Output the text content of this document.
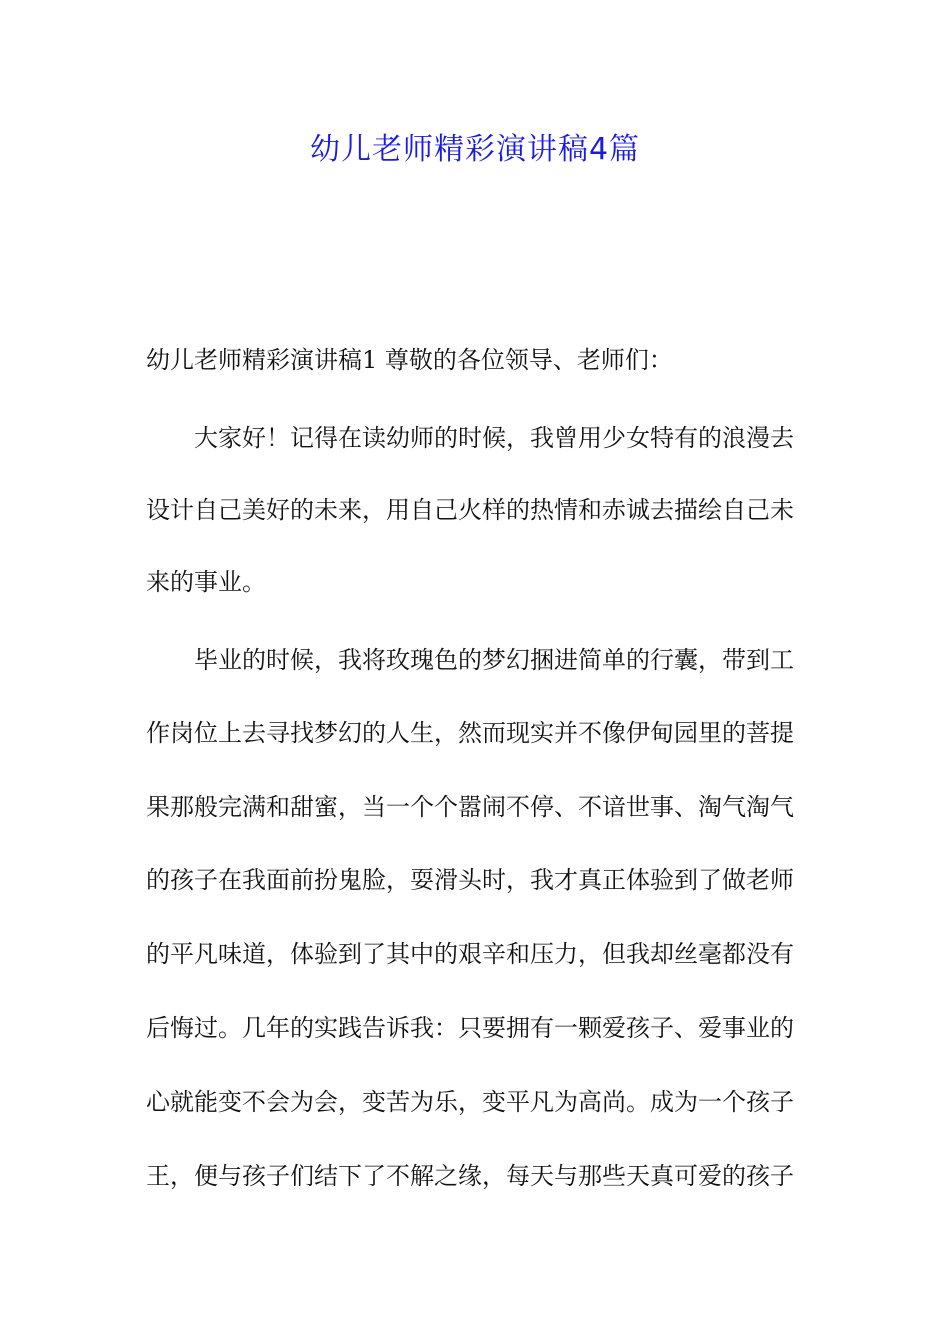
幼儿老师精彩演讲稿4篇
幼儿老师精彩演讲稿1 尊敬的各位领导、老师们：
大家好！记得在读幼师的时候，我曾用少女特有的浪漫去
设计自己美好的未来，用自己火样的热情和赤诚去描绘自己未
来的事业。
毕业的时候，我将玫瑰色的梦幻捆进简单的行囊，带到工
作岗位上去寻找梦幻的人生，然而现实并不像伊甸园里的菩提
果那般完满和甜蜜，当一个个嚣闹不停、不谙世事、淘气淘气
的孩子在我面前扮鬼脸，耍滑头时，我才真正体验到了做老师
的平凡味道，体验到了其中的艰辛和压力，但我却丝毫都没有
后悔过。几年的实践告诉我：只要拥有一颗爱孩子、爱事业的
心就能变不会为会，变苦为乐，变平凡为高尚。成为一个孩子
王，便与孩子们结下了不解之缘，每天与那些天真可爱的孩子
